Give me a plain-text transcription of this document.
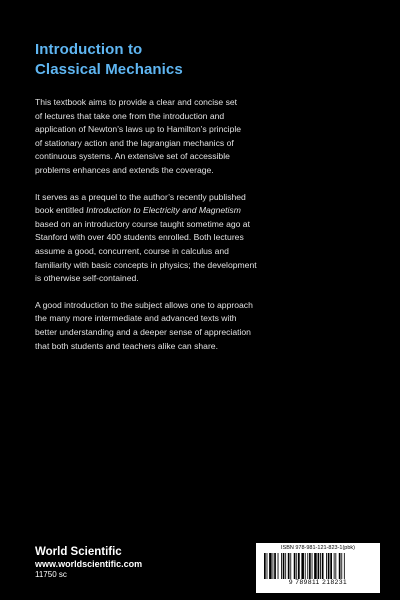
Introduction to
Classical Mechanics

This textbook aims to provide a clear and concise set
of lectures that take one from the introduction and
application of Newton’s laws up to Hamilton’s principle
of stationary action and the lagrangian mechanics of
continuous systems. An extensive set of accessible
problems enhances and extends the coverage.

It serves as a prequel to the author’s recently published
book entitled Introduction to Electricity and Magnetism
based on an introductory course taught sometime ago at
Stanford with over 400 students enrolled. Both lectures
assume a good, concurrent, course in calculus and
familiarity with basic concepts in physics; the development
is otherwise self-contained.

A good introduction to the subject allows one to approach
the many more intermediate and advanced texts with
better understanding and a deeper sense of appreciation
that both students and teachers alike can share.

World Scientific
www.worldscientific.com
11750 sc
ISBN 978-981-121-823-1(pbk)
9 789811 218231
